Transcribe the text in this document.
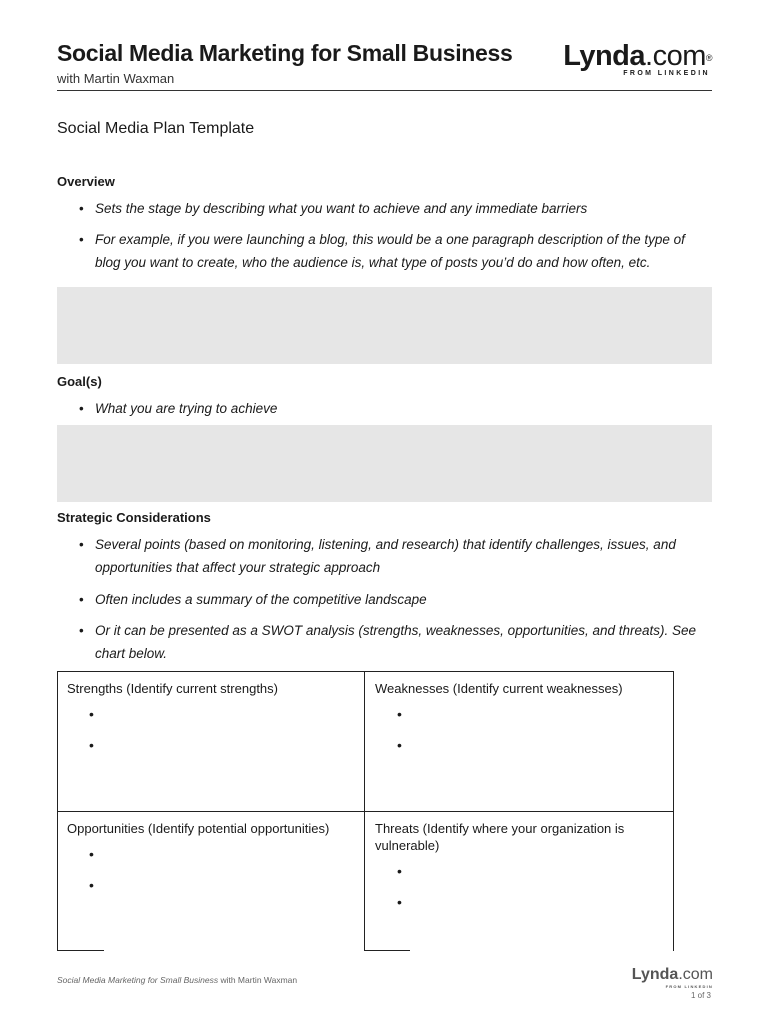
Social Media Marketing for Small Business
with Martin Waxman
Lynda.com®
FROM LINKEDIN
Social Media Plan Template
Overview
• Sets the stage by describing what you want to achieve and any immediate barriers
• For example, if you were launching a blog, this would be a one paragraph description of the type of blog you want to create, who the audience is, what type of posts you’d do and how often, etc.
Goal(s)
• What you are trying to achieve
Strategic Considerations
• Several points (based on monitoring, listening, and research) that identify challenges, issues, and opportunities that affect your strategic approach
• Often includes a summary of the competitive landscape
• Or it can be presented as a SWOT analysis (strengths, weaknesses, opportunities, and threats). See chart below.
Strengths (Identify current strengths)
•
•
Weaknesses (Identify current weaknesses)
•
•
Opportunities (Identify potential opportunities)
•
•
Threats (Identify where your organization is vulnerable)
•
•
Social Media Marketing for Small Business with Martin Waxman	Lynda.com
FROM LINKEDIN
1 of 3
